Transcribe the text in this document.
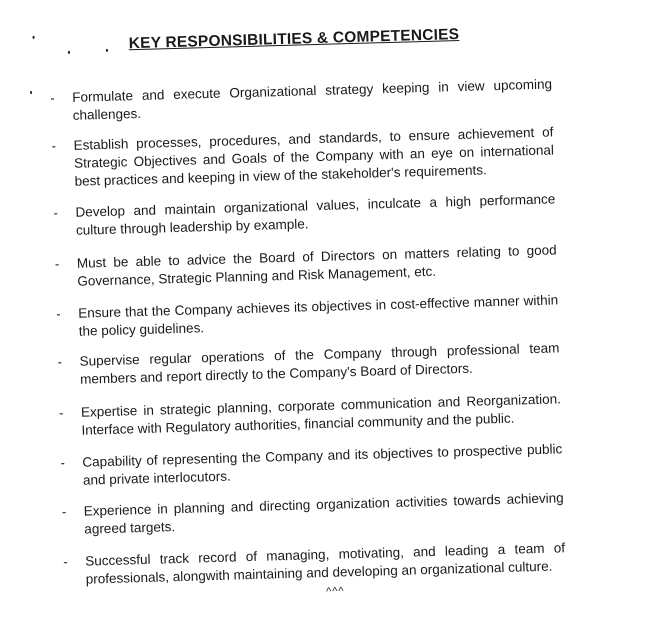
KEY RESPONSIBILITIES & COMPETENCIES
-	Formulate and execute Organizational strategy keeping in view upcoming challenges.
-	Establish processes, procedures, and standards, to ensure achievement of Strategic Objectives and Goals of the Company with an eye on international best practices and keeping in view of the stakeholder's requirements.
-	Develop and maintain organizational values, inculcate a high performance culture through leadership by example.
-	Must be able to advice the Board of Directors on matters relating to good Governance, Strategic Planning and Risk Management, etc.
-	Ensure that the Company achieves its objectives in cost-effective manner within the policy guidelines.
-	Supervise regular operations of the Company through professional team members and report directly to the Company's Board of Directors.
-	Expertise in strategic planning, corporate communication and Reorganization. Interface with Regulatory authorities, financial community and the public.
-	Capability of representing the Company and its objectives to prospective public and private interlocutors.
-	Experience in planning and directing organization activities towards achieving agreed targets.
-	Successful track record of managing, motivating, and leading a team of professionals, alongwith maintaining and developing an organizational culture.
^^^
